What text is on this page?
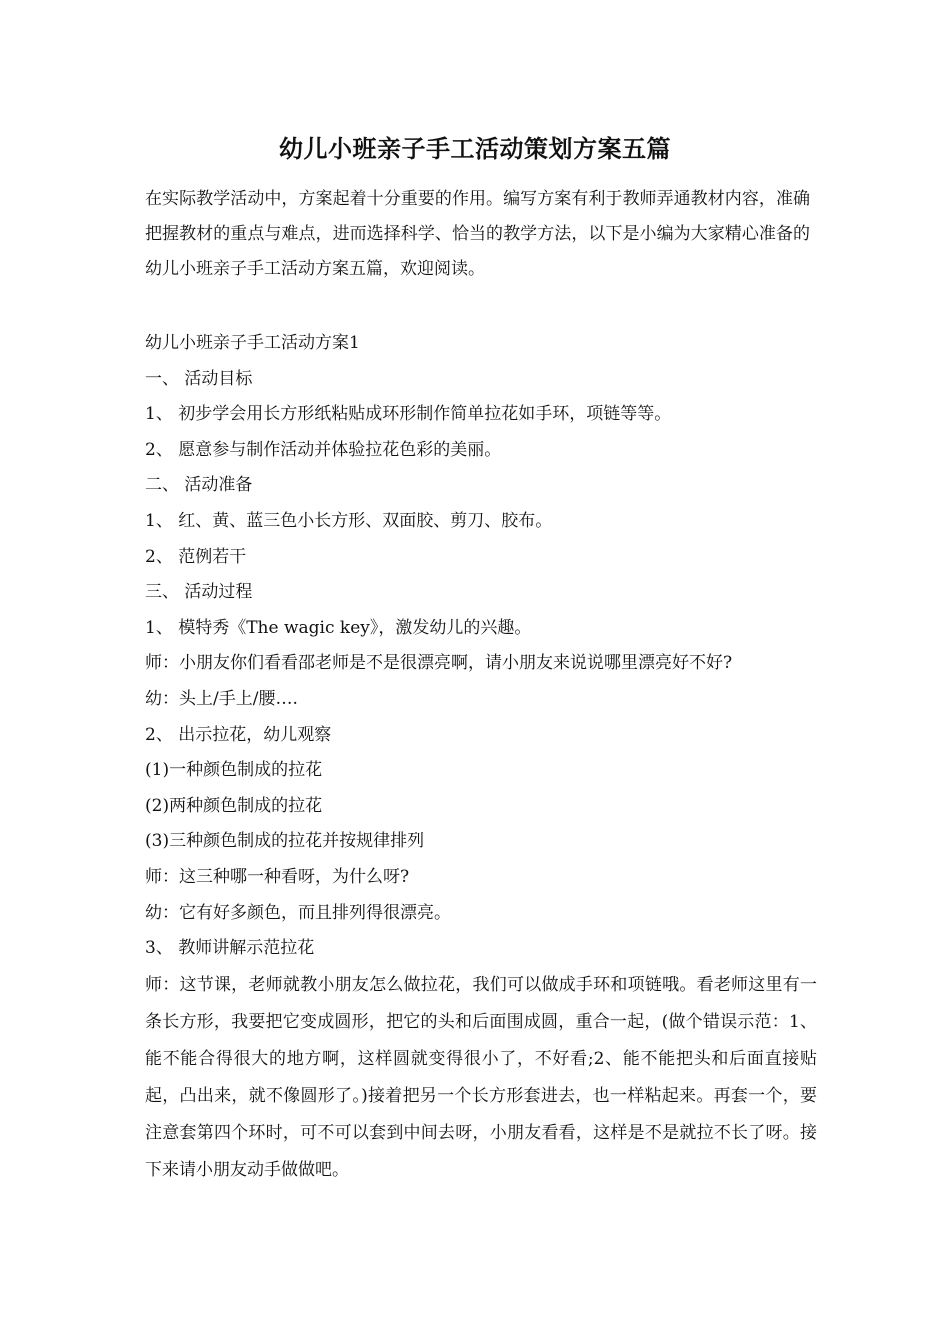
幼儿小班亲子手工活动策划方案五篇

在实际教学活动中，方案起着十分重要的作用。编写方案有利于教师弄通教材内容，准确把握教材的重点与难点，进而选择科学、恰当的教学方法，以下是小编为大家精心准备的幼儿小班亲子手工活动方案五篇，欢迎阅读。

幼儿小班亲子手工活动方案1

一、 活动目标

1、 初步学会用长方形纸粘贴成环形制作简单拉花如手环，项链等等。

2、 愿意参与制作活动并体验拉花色彩的美丽。

二、 活动准备

1、 红、黄、蓝三色小长方形、双面胶、剪刀、胶布。

2、 范例若干

三、 活动过程

1、 模特秀《The wagic key》，激发幼儿的兴趣。

师：小朋友你们看看邵老师是不是很漂亮啊，请小朋友来说说哪里漂亮好不好?

幼：头上/手上/腰….

2、 出示拉花，幼儿观察

(1)一种颜色制成的拉花

(2)两种颜色制成的拉花

(3)三种颜色制成的拉花并按规律排列

师：这三种哪一种看呀，为什么呀?

幼：它有好多颜色，而且排列得很漂亮。

3、 教师讲解示范拉花

师：这节课，老师就教小朋友怎么做拉花，我们可以做成手环和项链哦。看老师这里有一条长方形，我要把它变成圆形，把它的头和后面围成圆，重合一起，(做个错误示范：1、能不能合得很大的地方啊，这样圆就变得很小了，不好看;2、能不能把头和后面直接贴起，凸出来，就不像圆形了。)接着把另一个长方形套进去，也一样粘起来。再套一个，要注意套第四个环时，可不可以套到中间去呀，小朋友看看，这样是不是就拉不长了呀。接下来请小朋友动手做做吧。
